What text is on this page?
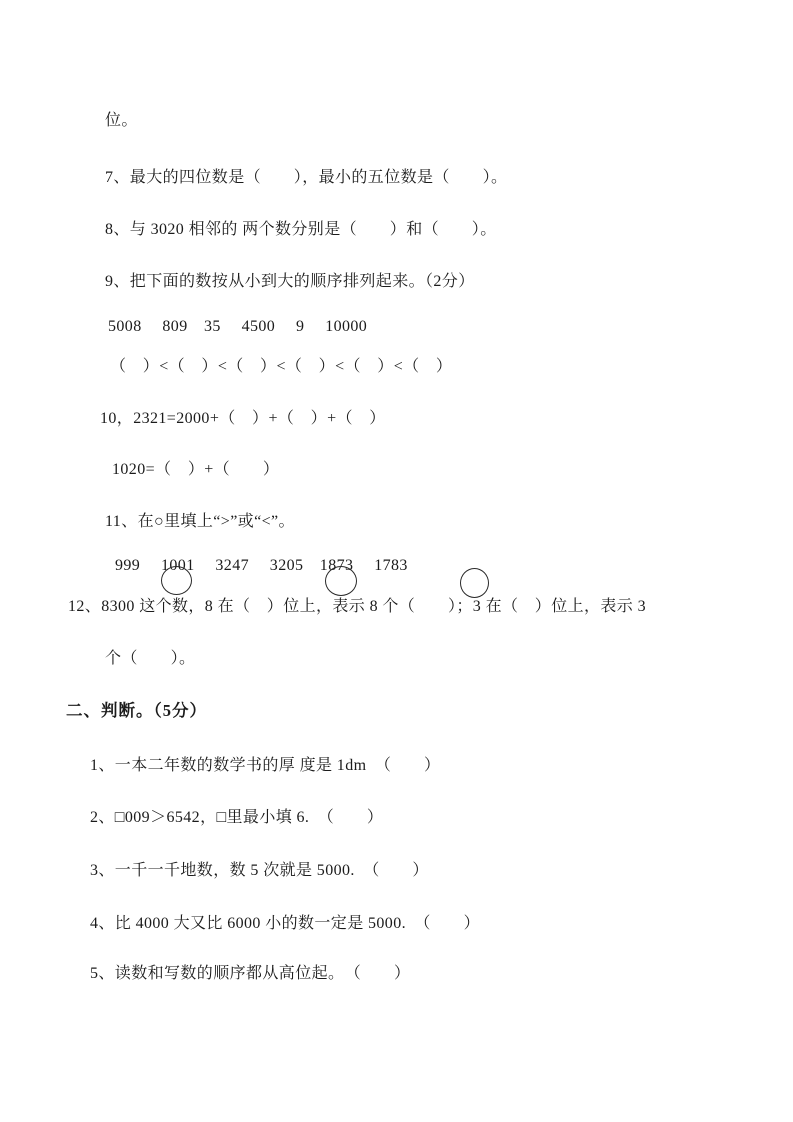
位。

7、最大的四位数是（　　），最小的五位数是（　　）。

8、与 3020 相邻的 两个数分别是（　　）和（　　）。

9、把下面的数按从小到大的顺序排列起来。（2分）

5008　 809　35　 4500　 9　 10000

（　）<（　）<（　）<（　）<（　）<（　）

10，2321=2000+（　）+（　）+（　）

1020=（　）+（　　）

11、在○里填上“>”或“<”。

999　 1001　 3247　 3205　1873　 1783

12、8300 这个数，8 在（　）位上，表示 8 个（　　）；3 在（　）位上，表示 3

个（　　）。

二、判断。（5分）

1、一本二年数的数学书的厚 度是 1dm　（　　）

2、□009＞6542，□里最小填 6.　（　　）

3、一千一千地数，数 5 次就是 5000.　（　　）

4、比 4000 大又比 6000 小的数一定是 5000.　（　　）

5、读数和写数的顺序都从高位起。　（　　）
